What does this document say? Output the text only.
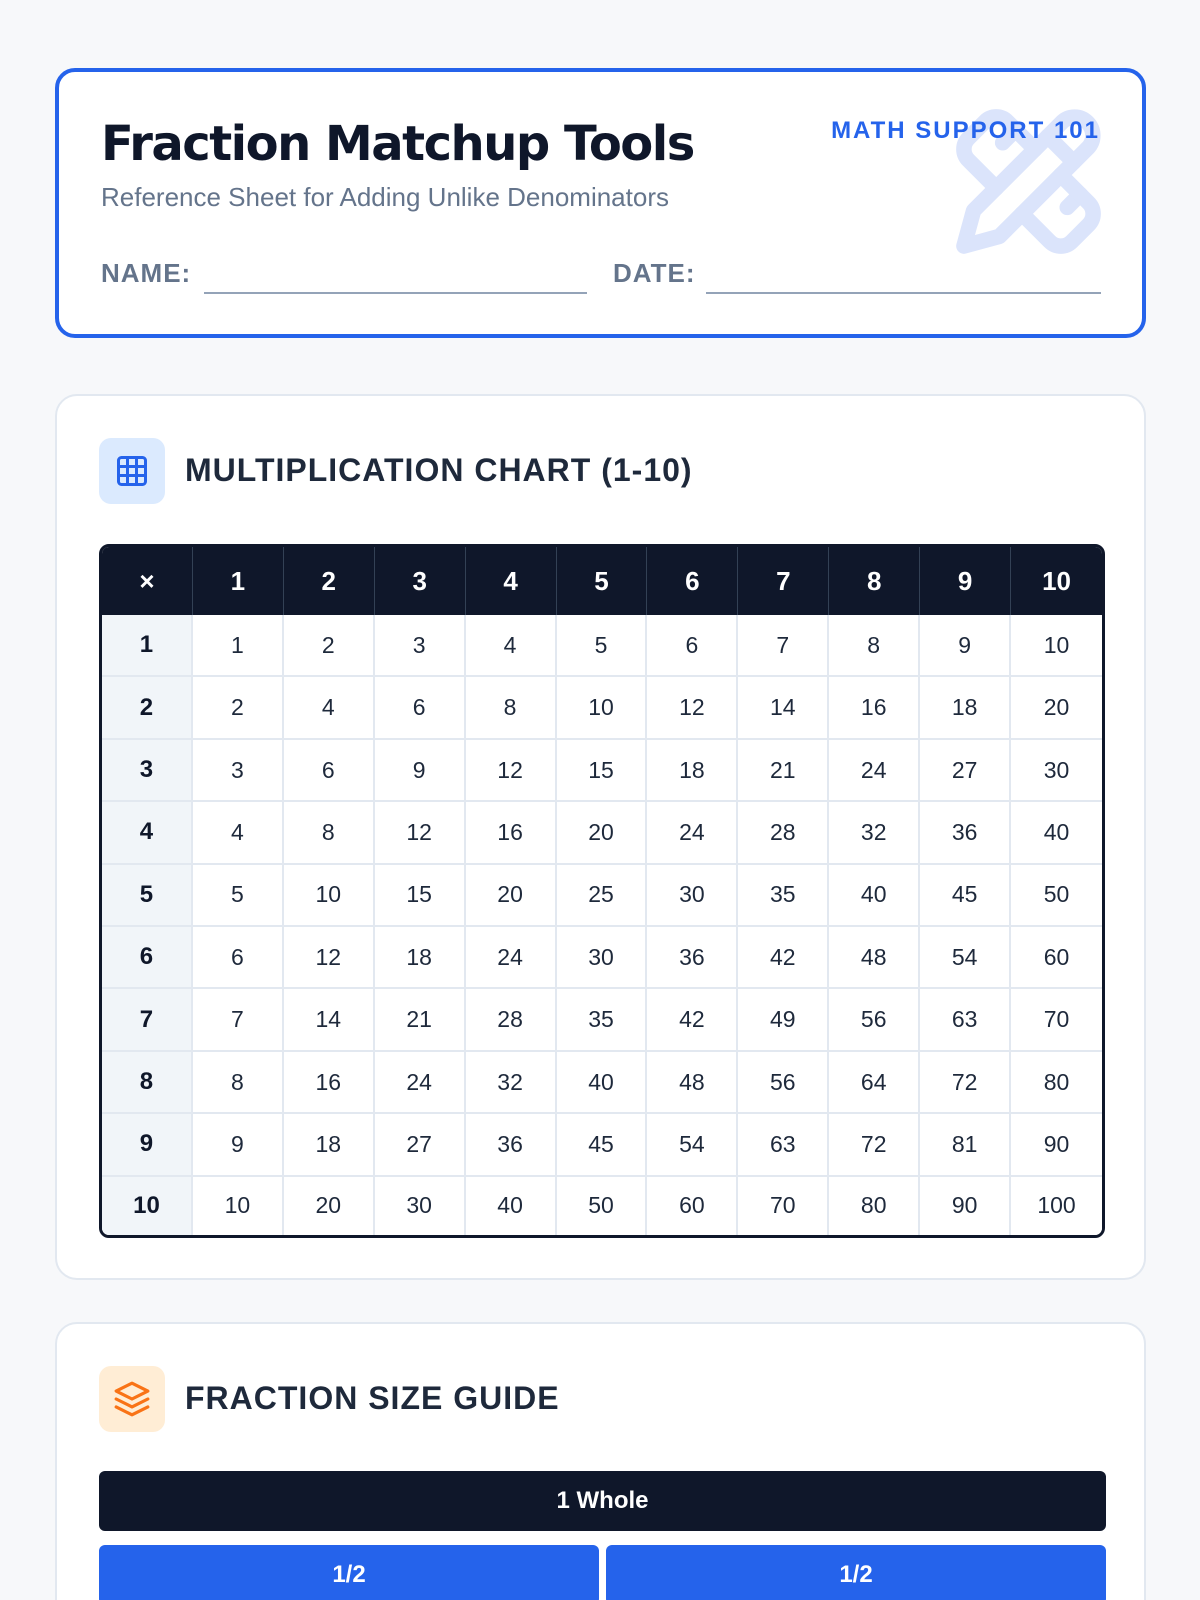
Fraction Matchup Tools
Reference Sheet for Adding Unlike Denominators
MATH SUPPORT 101
NAME:	DATE:
MULTIPLICATION CHART (1-10)
×	1	2	3	4	5	6	7	8	9	10
1	1	2	3	4	5	6	7	8	9	10
2	2	4	6	8	10	12	14	16	18	20
3	3	6	9	12	15	18	21	24	27	30
4	4	8	12	16	20	24	28	32	36	40
5	5	10	15	20	25	30	35	40	45	50
6	6	12	18	24	30	36	42	48	54	60
7	7	14	21	28	35	42	49	56	63	70
8	8	16	24	32	40	48	56	64	72	80
9	9	18	27	36	45	54	63	72	81	90
10	10	20	30	40	50	60	70	80	90	100
FRACTION SIZE GUIDE
1 Whole
1/2	1/2
